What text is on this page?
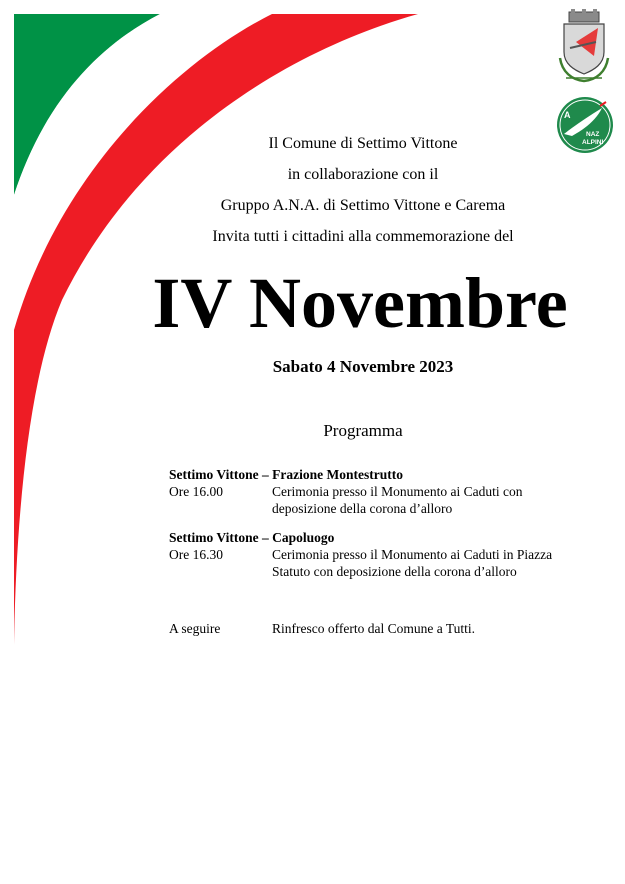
A
NAZ
ALPINI
Il Comune di Settimo Vittone
in collaborazione con il
Gruppo A.N.A. di Settimo Vittone e Carema
Invita tutti i cittadini alla commemorazione del
IV Novembre
Sabato 4 Novembre 2023
Programma
Settimo Vittone – Frazione Montestrutto
Ore 16.00	Cerimonia presso il Monumento ai Caduti con
deposizione della corona d’alloro
Settimo Vittone – Capoluogo
Ore 16.30	Cerimonia presso il Monumento ai Caduti in Piazza
Statuto con deposizione della corona d’alloro
A seguire	Rinfresco offerto dal Comune a Tutti.
